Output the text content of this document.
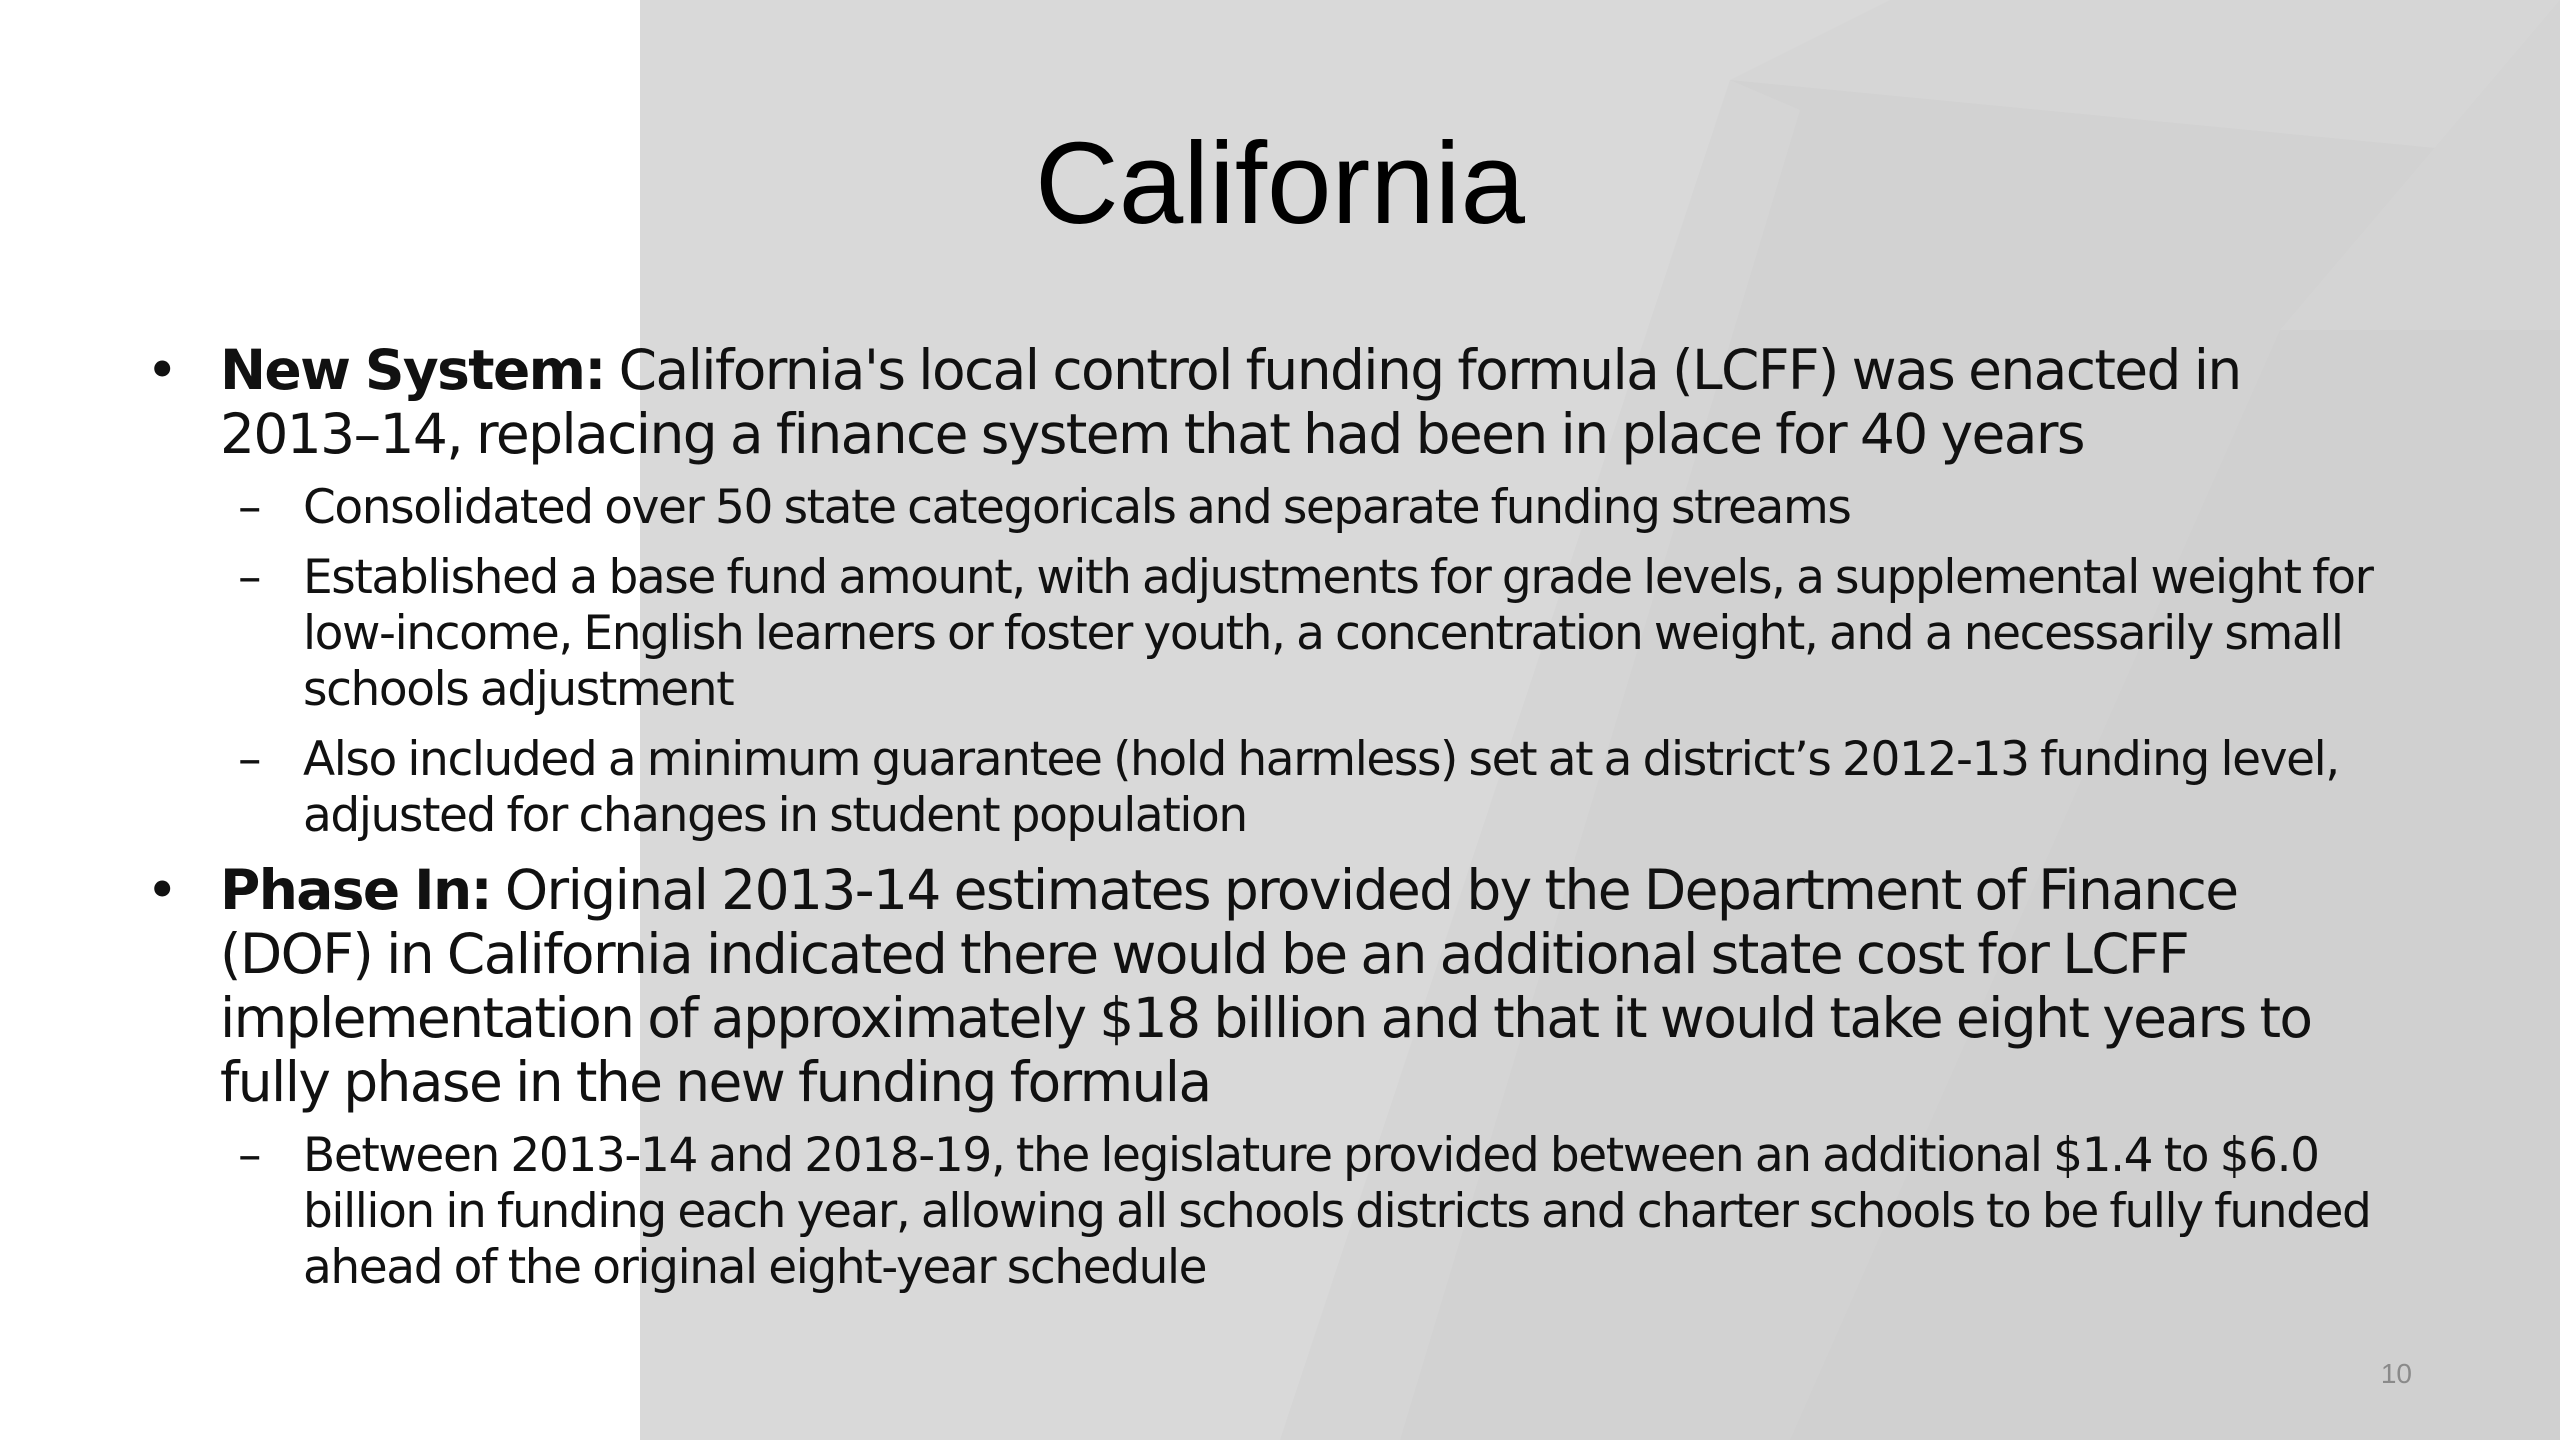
California
• New System: California's local control funding formula (LCFF) was enacted in 2013–14, replacing a finance system that had been in place for 40 years
– Consolidated over 50 state categoricals and separate funding streams
– Established a base fund amount, with adjustments for grade levels, a supplemental weight for low-income, English learners or foster youth, a concentration weight, and a necessarily small schools adjustment
– Also included a minimum guarantee (hold harmless) set at a district’s 2012-13 funding level, adjusted for changes in student population
• Phase In: Original 2013-14 estimates provided by the Department of Finance (DOF) in California indicated there would be an additional state cost for LCFF implementation of approximately $18 billion and that it would take eight years to fully phase in the new funding formula
– Between 2013-14 and 2018-19, the legislature provided between an additional $1.4 to $6.0 billion in funding each year, allowing all schools districts and charter schools to be fully funded ahead of the original eight-year schedule
10
